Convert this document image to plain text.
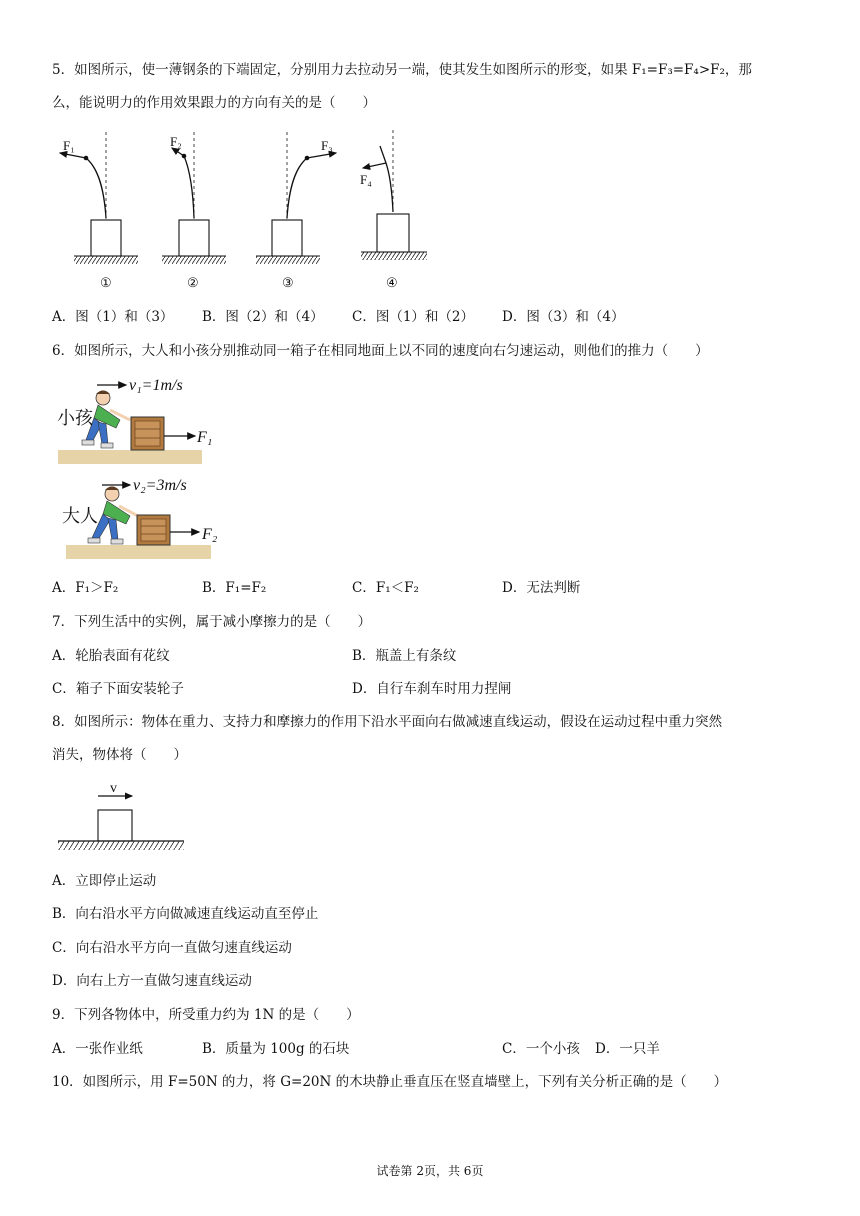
5．如图所示，使一薄钢条的下端固定，分别用力去拉动另一端，使其发生如图所示的形变，如果 F₁=F₃=F₄>F₂，那
么，能说明力的作用效果跟力的方向有关的是（　　）
F₁	F₂	F₃
F₄
①	②	③	④
A．图（1）和（3） B．图（2）和（4） C．图（1）和（2） D．图（3）和（4）
6．如图所示，大人和小孩分别推动同一箱子在相同地面上以不同的速度向右匀速运动，则他们的推力（　　）
小孩
v₁=1m/s
F₁
大人
v₂=3m/s
F₂
A．F₁＞F₂	B．F₁=F₂	C．F₁＜F₂	D．无法判断
7．下列生活中的实例，属于减小摩擦力的是（　　）
A．轮胎表面有花纹	B．瓶盖上有条纹
C．箱子下面安装轮子	D．自行车刹车时用力捏闸
8．如图所示：物体在重力、支持力和摩擦力的作用下沿水平面向右做减速直线运动，假设在运动过程中重力突然
消失，物体将（　　）
v
A．立即停止运动
B．向右沿水平方向做减速直线运动直至停止
C．向右沿水平方向一直做匀速直线运动
D．向右上方一直做匀速直线运动
9．下列各物体中，所受重力约为 1N 的是（　　）
A．一张作业纸	B．质量为 100g 的石块	C．一个小孩 D．一只羊
10．如图所示，用 F=50N 的力，将 G=20N 的木块静止垂直压在竖直墙壁上，下列有关分析正确的是（　　）
试卷第 2页，共 6页
